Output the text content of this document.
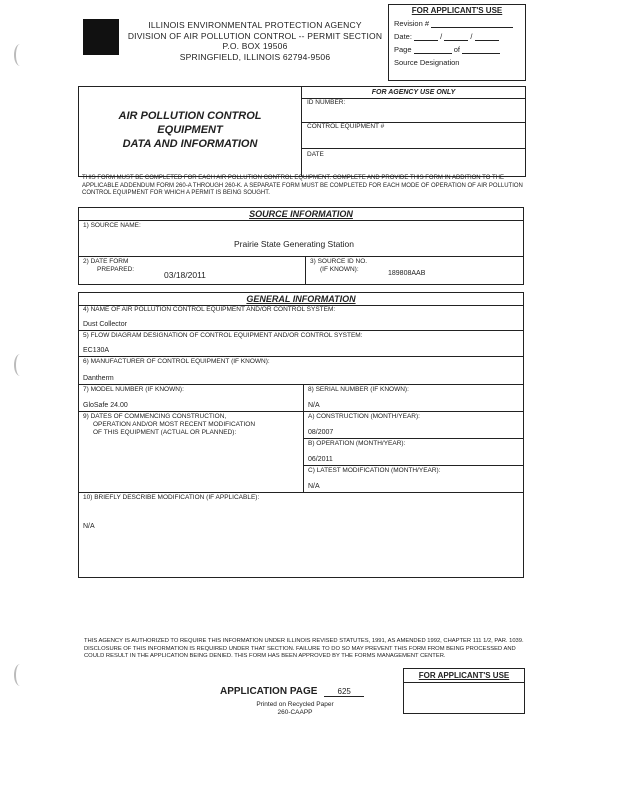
ILLINOIS ENVIRONMENTAL PROTECTION AGENCY
DIVISION OF AIR POLLUTION CONTROL -- PERMIT SECTION
P.O. BOX 19506
SPRINGFIELD, ILLINOIS 62794-9506
FOR APPLICANT'S USE
Revision #
Date:	/	/
Page	of
Source Designation
AIR POLLUTION CONTROL
EQUIPMENT
DATA AND INFORMATION
FOR AGENCY USE ONLY
ID NUMBER:
CONTROL EQUIPMENT #
DATE
THIS FORM MUST BE COMPLETED FOR EACH AIR POLLUTION CONTROL EQUIPMENT. COMPLETE AND PROVIDE THIS FORM IN ADDITION TO THE APPLICABLE ADDENDUM FORM 260-A THROUGH 260-K. A SEPARATE FORM MUST BE COMPLETED FOR EACH MODE OF OPERATION OF AIR POLLUTION CONTROL EQUIPMENT FOR WHICH A PERMIT IS BEING SOUGHT.
SOURCE INFORMATION
1) SOURCE NAME:
Prairie State Generating Station
2) DATE FORM
PREPARED:
03/18/2011
3) SOURCE ID NO.
(IF KNOWN):
189808AAB
GENERAL INFORMATION
4) NAME OF AIR POLLUTION CONTROL EQUIPMENT AND/OR CONTROL SYSTEM:
Dust Collector
5) FLOW DIAGRAM DESIGNATION OF CONTROL EQUIPMENT AND/OR CONTROL SYSTEM:
EC130A
6) MANUFACTURER OF CONTROL EQUIPMENT (IF KNOWN):
Dantherm
7) MODEL NUMBER (IF KNOWN):
GloSafe 24.00
8) SERIAL NUMBER (IF KNOWN):
N/A
9) DATES OF COMMENCING CONSTRUCTION,
OPERATION AND/OR MOST RECENT MODIFICATION
OF THIS EQUIPMENT (ACTUAL OR PLANNED):
A) CONSTRUCTION (MONTH/YEAR):
08/2007
B) OPERATION (MONTH/YEAR):
06/2011
C) LATEST MODIFICATION (MONTH/YEAR):
N/A
10) BRIEFLY DESCRIBE MODIFICATION (IF APPLICABLE):
N/A
THIS AGENCY IS AUTHORIZED TO REQUIRE THIS INFORMATION UNDER ILLINOIS REVISED STATUTES, 1991, AS AMENDED 1992, CHAPTER 111 1/2, PAR. 1039. DISCLOSURE OF THIS INFORMATION IS REQUIRED UNDER THAT SECTION. FAILURE TO DO SO MAY PREVENT THIS FORM FROM BEING PROCESSED AND COULD RESULT IN THE APPLICATION BEING DENIED. THIS FORM HAS BEEN APPROVED BY THE FORMS MANAGEMENT CENTER.
APPLICATION PAGE	625
Printed on Recycled Paper
260-CAAPP
FOR APPLICANT'S USE
